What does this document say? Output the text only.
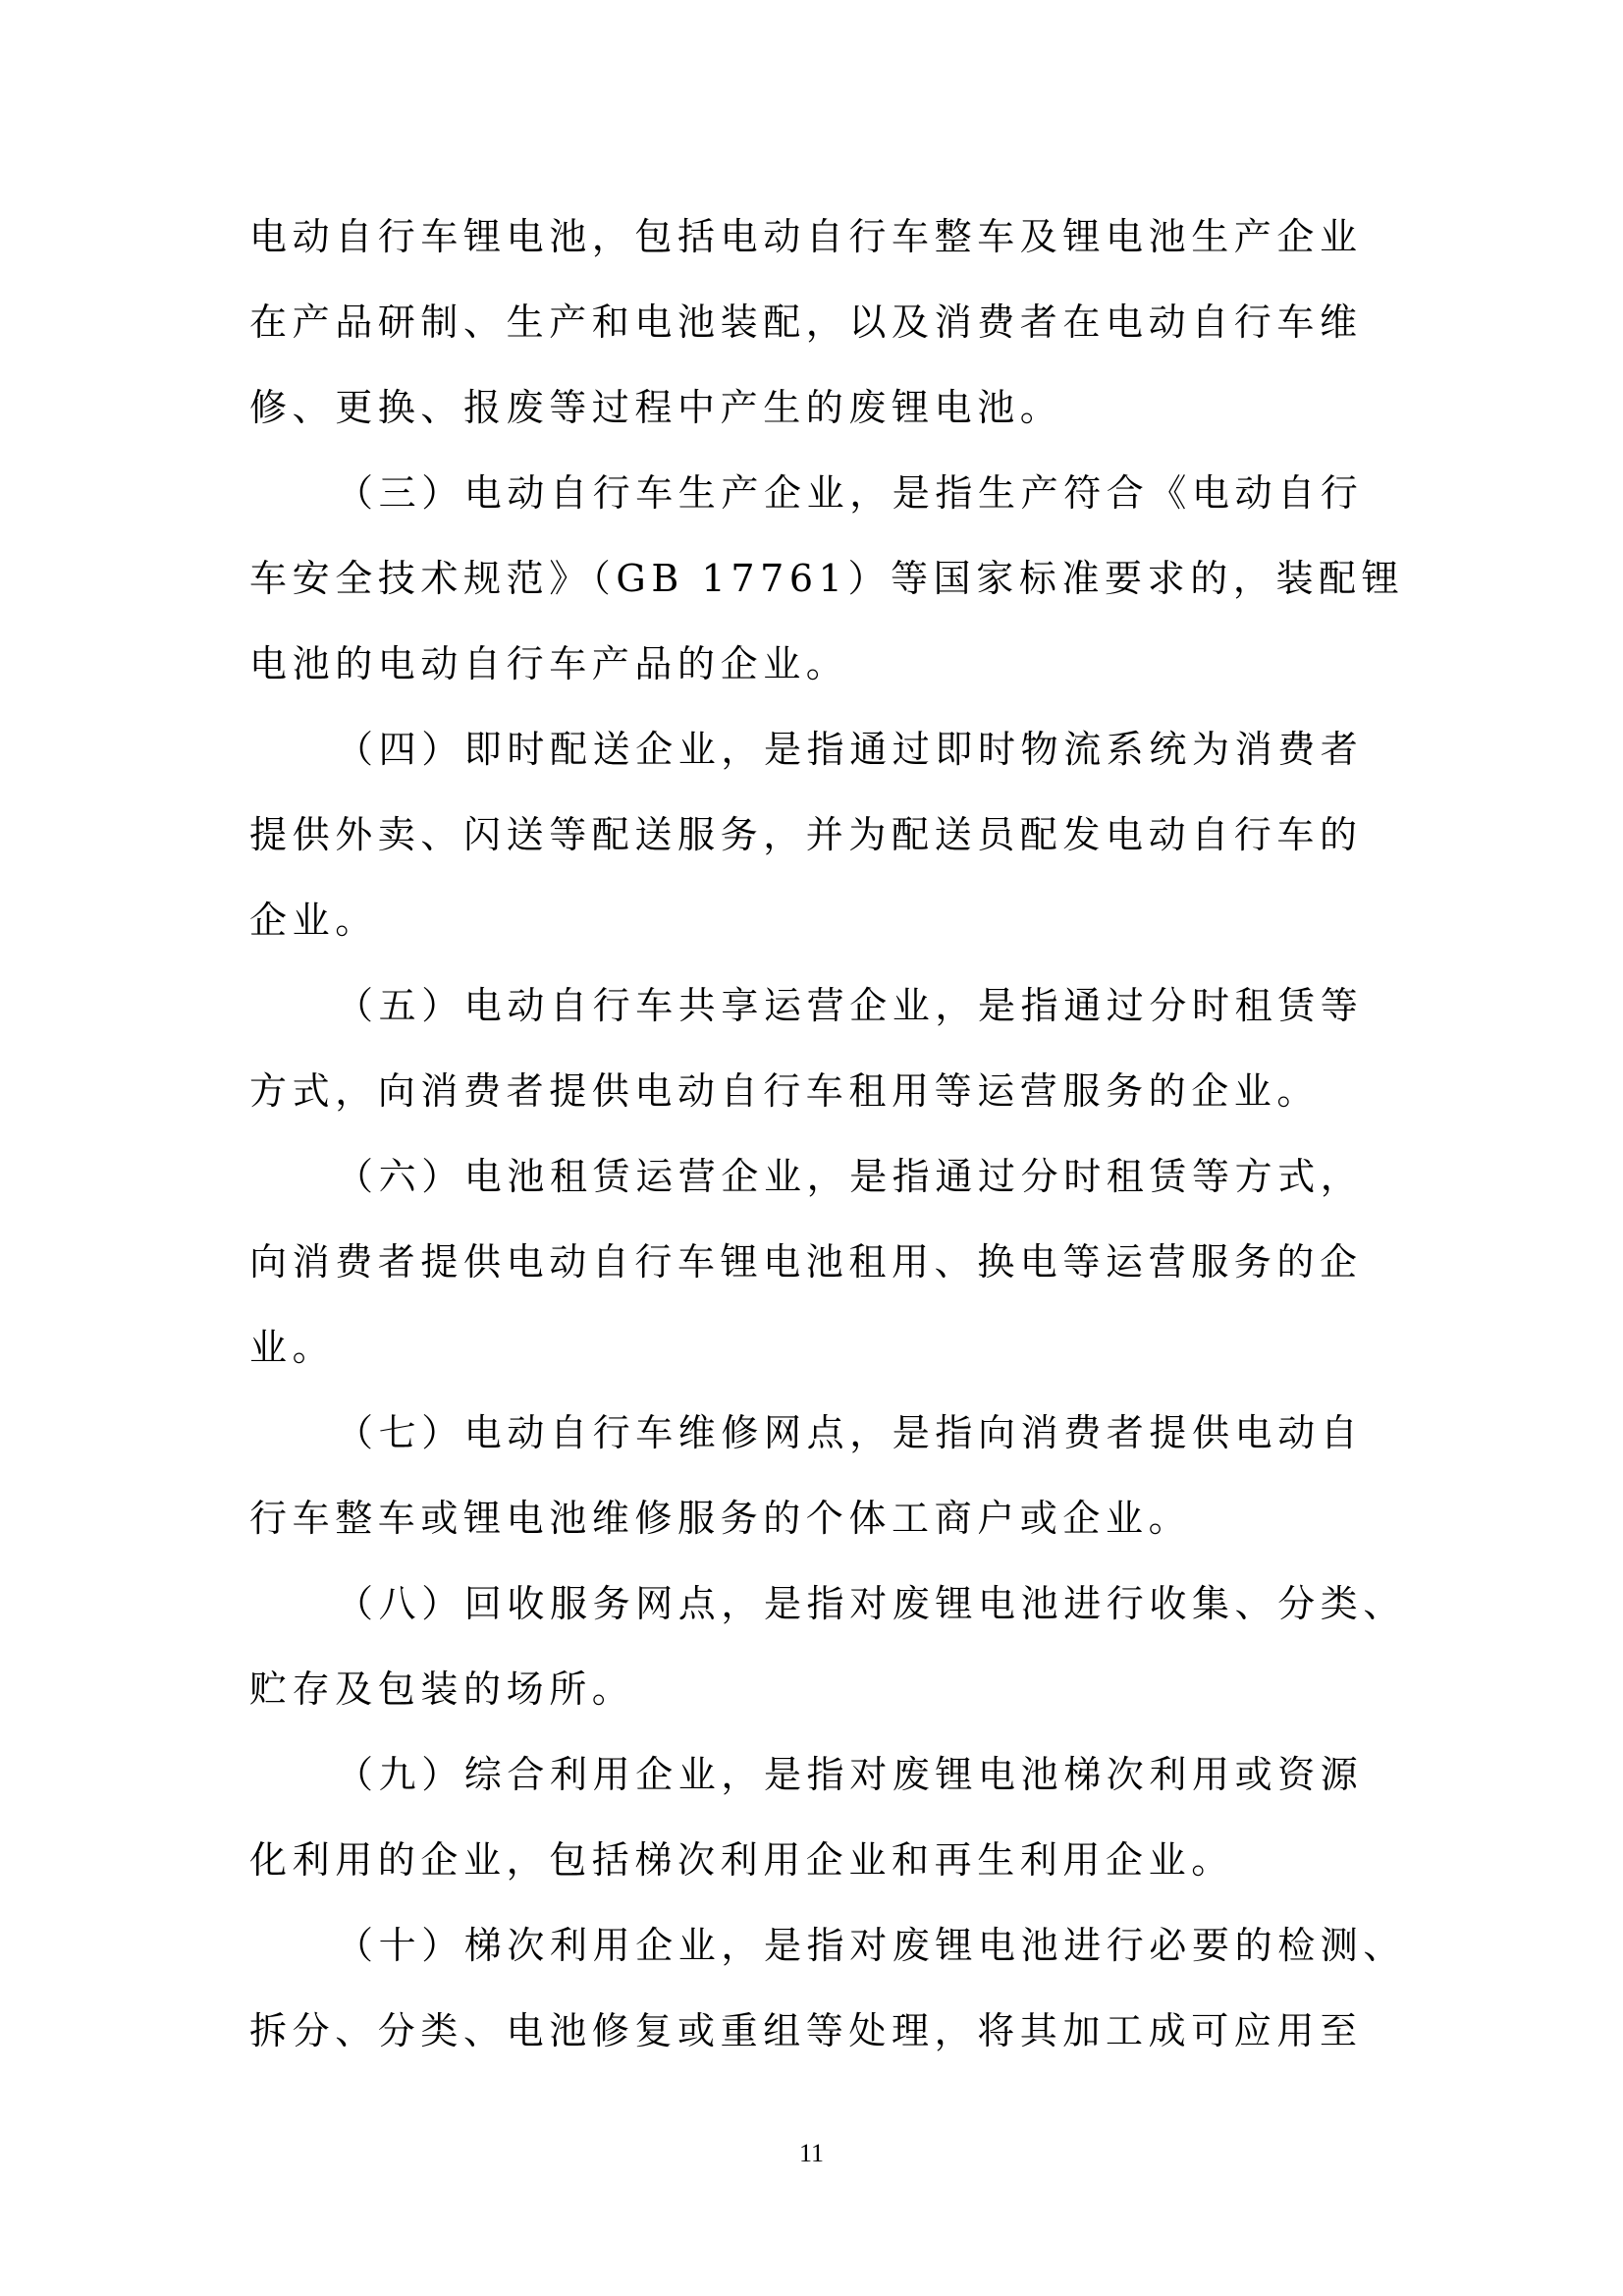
电动自行车锂电池，包括电动自行车整车及锂电池生产企业
在产品研制、生产和电池装配，以及消费者在电动自行车维
修、更换、报废等过程中产生的废锂电池。
（三）电动自行车生产企业，是指生产符合《电动自行
车安全技术规范》（GB 17761）等国家标准要求的，装配锂
电池的电动自行车产品的企业。
（四）即时配送企业，是指通过即时物流系统为消费者
提供外卖、闪送等配送服务，并为配送员配发电动自行车的
企业。
（五）电动自行车共享运营企业，是指通过分时租赁等
方式，向消费者提供电动自行车租用等运营服务的企业。
（六）电池租赁运营企业，是指通过分时租赁等方式，
向消费者提供电动自行车锂电池租用、换电等运营服务的企
业。
（七）电动自行车维修网点，是指向消费者提供电动自
行车整车或锂电池维修服务的个体工商户或企业。
（八）回收服务网点，是指对废锂电池进行收集、分类、
贮存及包装的场所。
（九）综合利用企业，是指对废锂电池梯次利用或资源
化利用的企业，包括梯次利用企业和再生利用企业。
（十）梯次利用企业，是指对废锂电池进行必要的检测、
拆分、分类、电池修复或重组等处理，将其加工成可应用至
11
